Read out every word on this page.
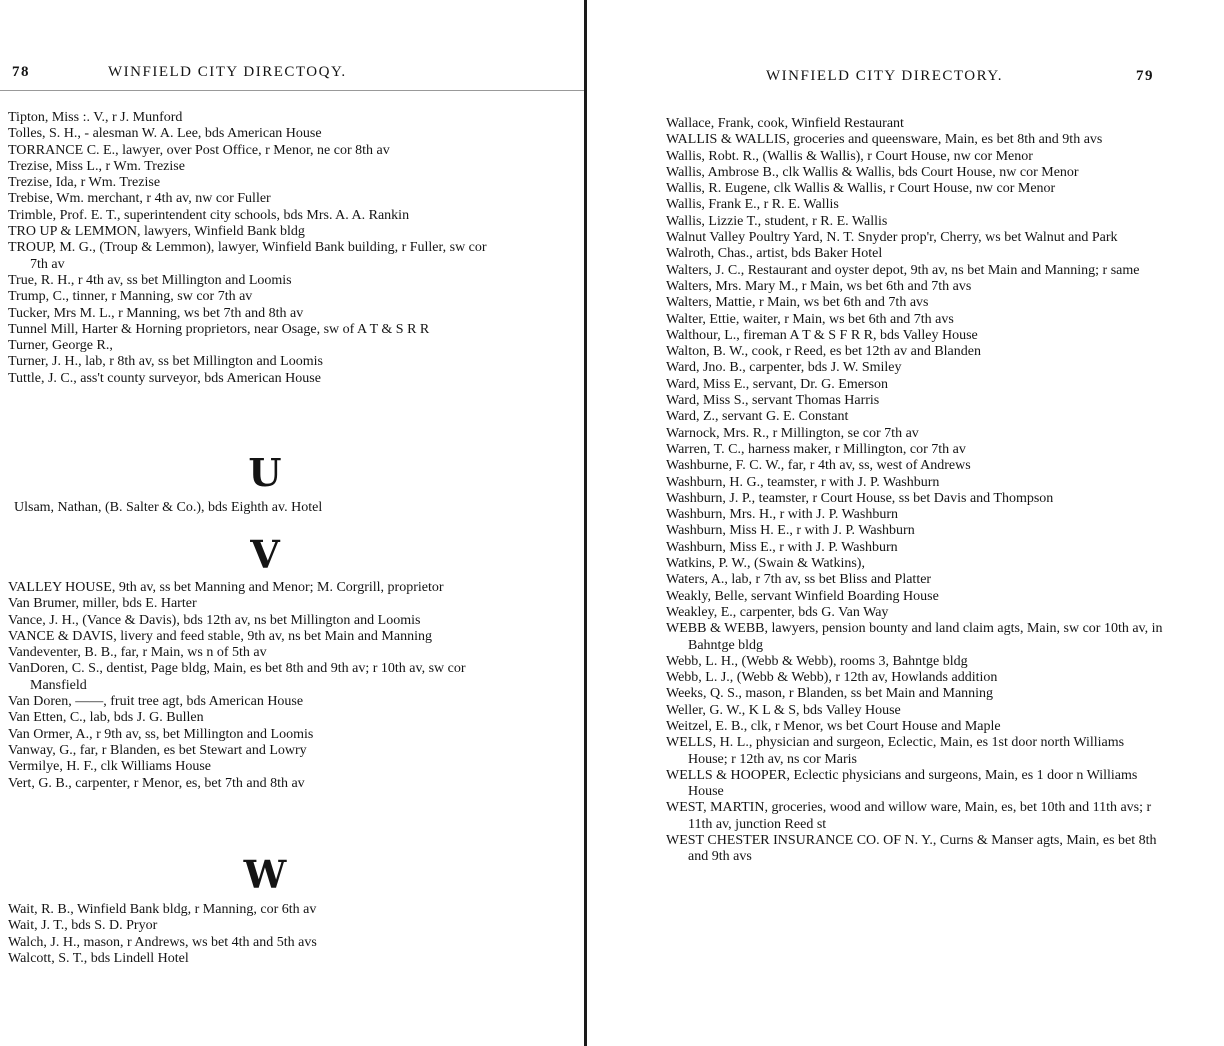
78	WINFIELD CITY DIRECTOQY.
Tipton, Miss :. V., r J. Munford
Tolles, S. H., - alesman W. A. Lee, bds American House
TORRANCE C. E., lawyer, over Post Office, r Menor, ne cor 8th av
Trezise, Miss L., r Wm. Trezise
Trezise, Ida, r Wm. Trezise
Trebise, Wm. merchant, r 4th av, nw cor Fuller
Trimble, Prof. E. T., superintendent city schools, bds Mrs. A. A. Rankin
TRO UP & LEMMON, lawyers, Winfield Bank bldg
TROUP, M. G., (Troup & Lemmon), lawyer, Winfield Bank building, r Fuller, sw cor 7th av
True, R. H., r 4th av, ss bet Millington and Loomis
Trump, C., tinner, r Manning, sw cor 7th av
Tucker, Mrs M. L., r Manning, ws bet 7th and 8th av
Tunnel Mill, Harter & Horning proprietors, near Osage, sw of A T & S R R
Turner, George R.,
Turner, J. H., lab, r 8th av, ss bet Millington and Loomis
Tuttle, J. C., ass't county surveyor, bds American House
U
Ulsam, Nathan, (B. Salter & Co.), bds Eighth av. Hotel
V
VALLEY HOUSE, 9th av, ss bet Manning and Menor; M. Corgrill, proprietor
Van Brumer, miller, bds E. Harter
Vance, J. H., (Vance & Davis), bds 12th av, ns bet Millington and Loomis
VANCE & DAVIS, livery and feed stable, 9th av, ns bet Main and Manning
Vandeventer, B. B., far, r Main, ws n of 5th av
VanDoren, C. S., dentist, Page bldg, Main, es bet 8th and 9th av; r 10th av, sw cor Mansfield
Van Doren, ——, fruit tree agt, bds American House
Van Etten, C., lab, bds J. G. Bullen
Van Ormer, A., r 9th av, ss, bet Millington and Loomis
Vanway, G., far, r Blanden, es bet Stewart and Lowry
Vermilye, H. F., clk Williams House
Vert, G. B., carpenter, r Menor, es, bet 7th and 8th av
W
Wait, R. B., Winfield Bank bldg, r Manning, cor 6th av
Wait, J. T., bds S. D. Pryor
Walch, J. H., mason, r Andrews, ws bet 4th and 5th avs
Walcott, S. T., bds Lindell Hotel
WINFIELD CITY DIRECTORY.	79
Wallace, Frank, cook, Winfield Restaurant
WALLIS & WALLIS, groceries and queensware, Main, es bet 8th and 9th avs
Wallis, Robt. R., (Wallis & Wallis), r Court House, nw cor Menor
Wallis, Ambrose B., clk Wallis & Wallis, bds Court House, nw cor Menor
Wallis, R. Eugene, clk Wallis & Wallis, r Court House, nw cor Menor
Wallis, Frank E., r R. E. Wallis
Wallis, Lizzie T., student, r R. E. Wallis
Walnut Valley Poultry Yard, N. T. Snyder prop'r, Cherry, ws bet Walnut and Park
Walroth, Chas., artist, bds Baker Hotel
Walters, J. C., Restaurant and oyster depot, 9th av, ns bet Main and Manning; r same
Walters, Mrs. Mary M., r Main, ws bet 6th and 7th avs
Walters, Mattie, r Main, ws bet 6th and 7th avs
Walter, Ettie, waiter, r Main, ws bet 6th and 7th avs
Walthour, L., fireman A T & S F R R, bds Valley House
Walton, B. W., cook, r Reed, es bet 12th av and Blanden
Ward, Jno. B., carpenter, bds J. W. Smiley
Ward, Miss E., servant, Dr. G. Emerson
Ward, Miss S., servant Thomas Harris
Ward, Z., servant G. E. Constant
Warnock, Mrs. R., r Millington, se cor 7th av
Warren, T. C., harness maker, r Millington, cor 7th av
Washburne, F. C. W., far, r 4th av, ss, west of Andrews
Washburn, H. G., teamster, r with J. P. Washburn
Washburn, J. P., teamster, r Court House, ss bet Davis and Thompson
Washburn, Mrs. H., r with J. P. Washburn
Washburn, Miss H. E., r with J. P. Washburn
Washburn, Miss E., r with J. P. Washburn
Watkins, P. W., (Swain & Watkins),
Waters, A., lab, r 7th av, ss bet Bliss and Platter
Weakly, Belle, servant Winfield Boarding House
Weakley, E., carpenter, bds G. Van Way
WEBB & WEBB, lawyers, pension bounty and land claim agts, Main, sw cor 10th av, in Bahntge bldg
Webb, L. H., (Webb & Webb), rooms 3, Bahntge bldg
Webb, L. J., (Webb & Webb), r 12th av, Howlands addition
Weeks, Q. S., mason, r Blanden, ss bet Main and Manning
Weller, G. W., K L & S, bds Valley House
Weitzel, E. B., clk, r Menor, ws bet Court House and Maple
WELLS, H. L., physician and surgeon, Eclectic, Main, es 1st door north Williams House; r 12th av, ns cor Maris
WELLS & HOOPER, Eclectic physicians and surgeons, Main, es 1 door n Williams House
WEST, MARTIN, groceries, wood and willow ware, Main, es, bet 10th and 11th avs; r 11th av, junction Reed st
WEST CHESTER INSURANCE CO. OF N. Y., Curns & Manser agts, Main, es bet 8th and 9th avs
